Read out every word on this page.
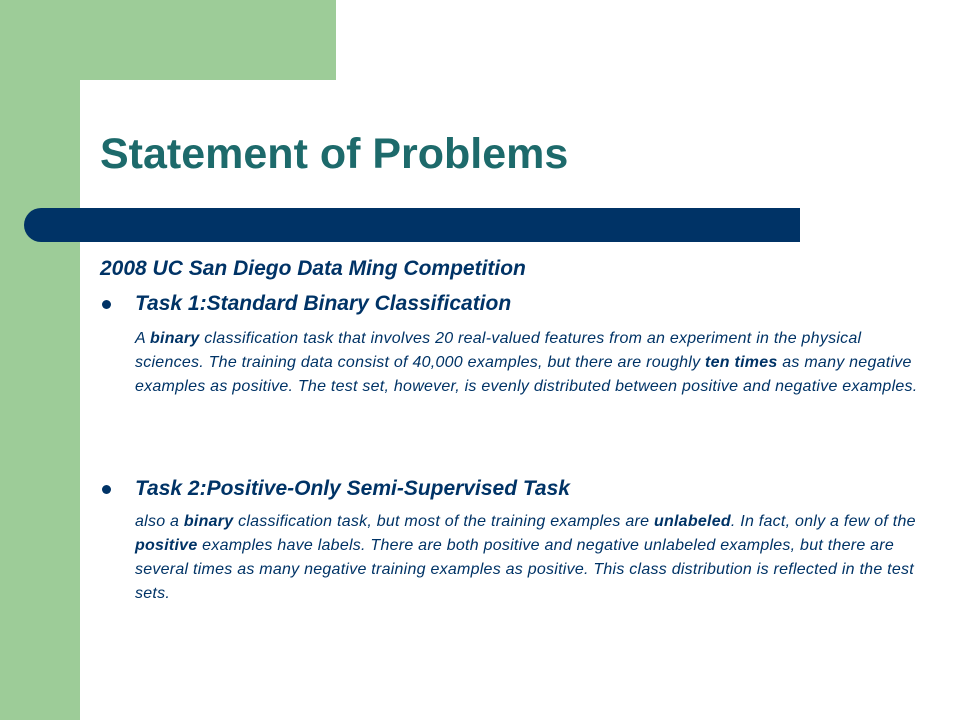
Statement of Problems

2008 UC San Diego Data Ming Competition

Task 1:Standard Binary Classification

A binary classification task that involves 20 real-valued features from an experiment in the physical sciences. The training data consist of 40,000 examples, but there are roughly ten times as many negative examples as positive. The test set, however, is evenly distributed between positive and negative examples.

Task 2:Positive-Only Semi-Supervised Task

also a binary classification task, but most of the training examples are unlabeled. In fact, only a few of the positive examples have labels. There are both positive and negative unlabeled examples, but there are several times as many negative training examples as positive. This class distribution is reflected in the test sets.
